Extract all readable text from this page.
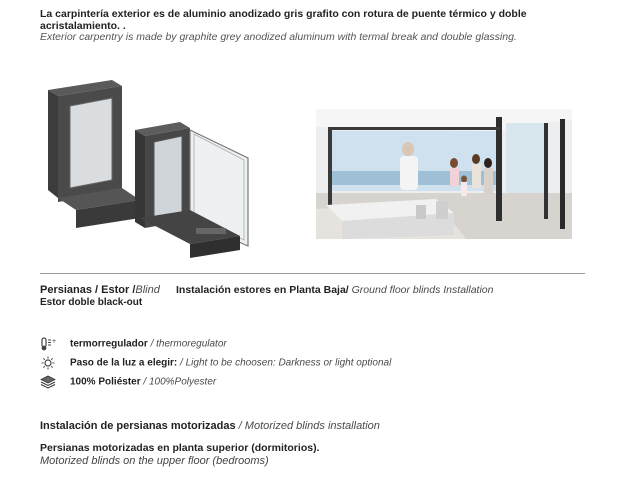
La carpintería exterior es de aluminio anodizado gris grafito con rotura de puente térmico y doble acristalamiento. .
Exterior carpentry is made by graphite grey anodized aluminum with termal break and double glassing.
Persianas / Estor /Blind Instalación estores en Planta Baja/ Ground floor blinds Installation
Estor doble black-out
+ termorregulador / thermoregulator
Paso de la luz a elegir: / Light to be choosen: Darkness or light optional
100% Poliéster / 100%Polyester
Instalación de persianas motorizadas / Motorized blinds installation
Persianas motorizadas en planta superior (dormitorios).
Motorized blinds on the upper floor (bedrooms)
